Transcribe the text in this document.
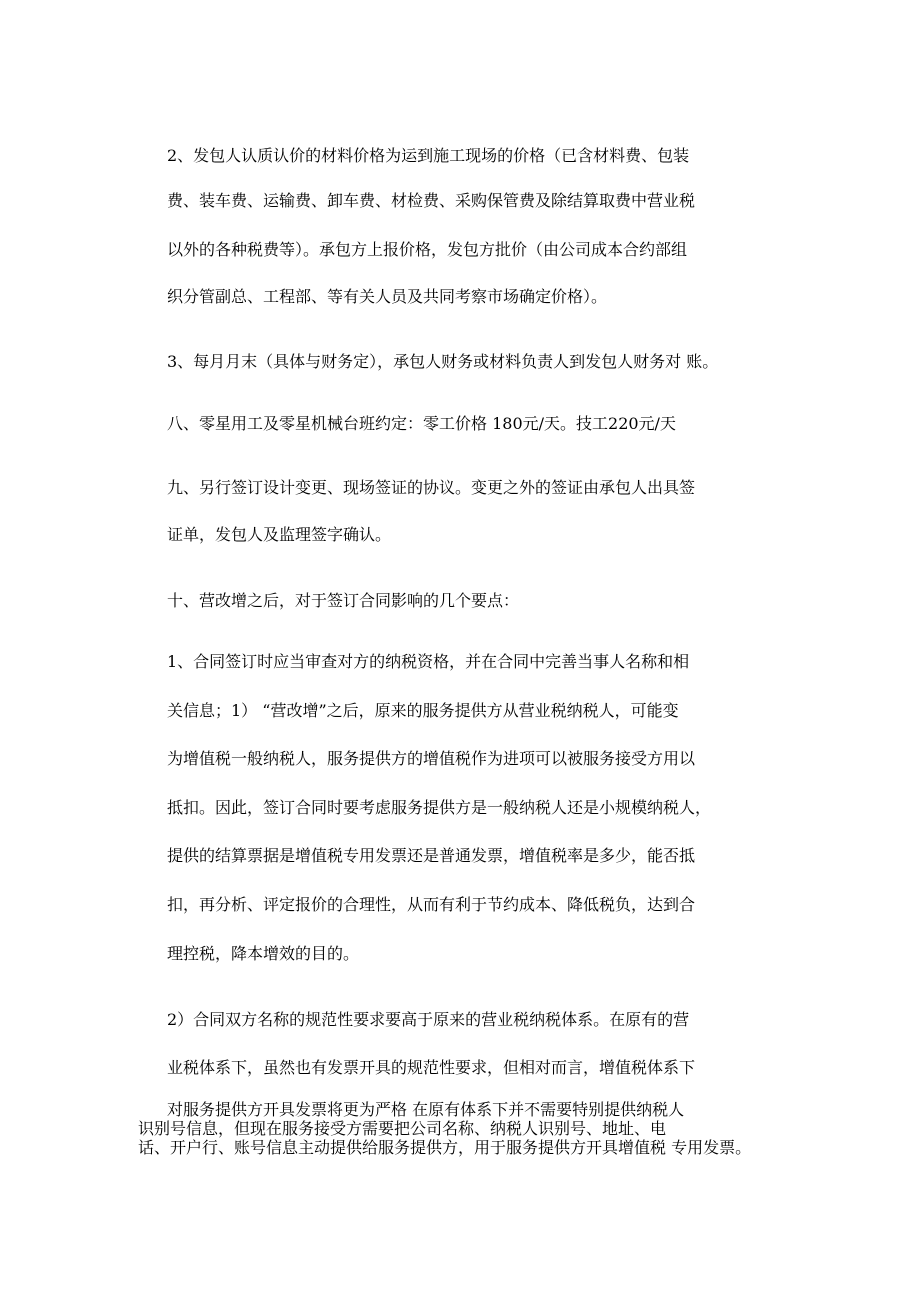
2、发包人认质认价的材料价格为运到施工现场的价格（已含材料费、包装
费、装车费、运输费、卸车费、材检费、采购保管费及除结算取费中营业税
以外的各种税费等）。承包方上报价格，发包方批价（由公司成本合约部组
织分管副总、工程部、等有关人员及共同考察市场确定价格）。
3、每月月末（具体与财务定），承包人财务或材料负责人到发包人财务对 账。
八、零星用工及零星机械台班约定：零工价格 180元/天。技工220元/天
九、另行签订设计变更、现场签证的协议。变更之外的签证由承包人出具签
证单，发包人及监理签字确认。
十、营改增之后，对于签订合同影响的几个要点：
1、合同签订时应当审查对方的纳税资格，并在合同中完善当事人名称和相
关信息；1） “营改增”之后，原来的服务提供方从营业税纳税人，可能变
为增值税一般纳税人，服务提供方的增值税作为进项可以被服务接受方用以
抵扣。因此，签订合同时要考虑服务提供方是一般纳税人还是小规模纳税人，
提供的结算票据是增值税专用发票还是普通发票，增值税率是多少，能否抵
扣，再分析、评定报价的合理性，从而有利于节约成本、降低税负，达到合
理控税，降本增效的目的。
2）合同双方名称的规范性要求要高于原来的营业税纳税体系。在原有的营
业税体系下，虽然也有发票开具的规范性要求，但相对而言，增值税体系下
对服务提供方开具发票将更为严格 在原有体系下并不需要特别提供纳税人
识别号信息，但现在服务接受方需要把公司名称、纳税人识别号、地址、电
话、开户行、账号信息主动提供给服务提供方，用于服务提供方开具增值税 专用发票。
